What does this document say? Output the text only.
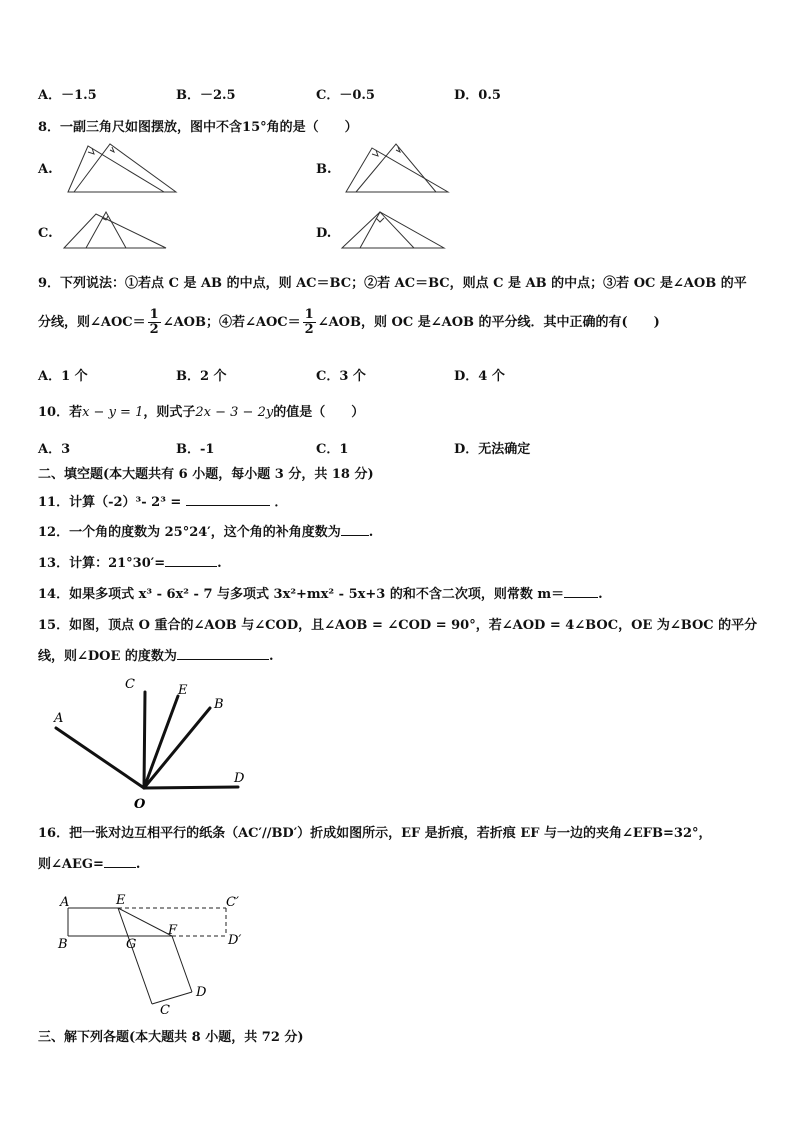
A．－1.5	B．－2.5	C．－0.5	D．0.5
8．一副三角尺如图摆放，图中不含15°角的是（　　）
A.	B.
C.	D.
9．下列说法：①若点 C 是 AB 的中点，则 AC＝BC；②若 AC＝BC，则点 C 是 AB 的中点；③若 OC 是∠AOB 的平
分线，则∠AOC＝ $\frac{1}{2}$ ∠AOB；④若∠AOC＝ $\frac{1}{2}$ ∠AOB，则 OC 是∠AOB 的平分线．其中正确的有(　　)
A．1 个	B．2 个	C．3 个	D．4 个
10．若x − y = 1，则式子2x − 3 − 2y的值是（　　）
A．3	B．-1	C．1	D．无法确定
二、填空题(本大题共有 6 小题，每小题 3 分，共 18 分)
11．计算（-2）³- 2³ =	．
12．一个角的度数为 25°24′，这个角的补角度数为 .
13．计算：21°30′=	.
14．如果多项式 x³ - 6x² - 7 与多项式 3x²+mx² - 5x+3 的和不含二次项，则常数 m＝	.
15．如图，顶点 O 重合的∠AOB 与∠COD，且∠AOB = ∠COD = 90°，若∠AOD = 4∠BOC，OE 为∠BOC 的平分
线，则∠DOE 的度数为	.
A
C	E
B
D
O
16．把一张对边互相平行的纸条（AC′//BD′）折成如图所示，EF 是折痕，若折痕 EF 与一边的夹角∠EFB=32°，
则∠AEG= .
A	E	C′
B	G
F
D′
D
C
三、解下列各题(本大题共 8 小题，共 72 分)
